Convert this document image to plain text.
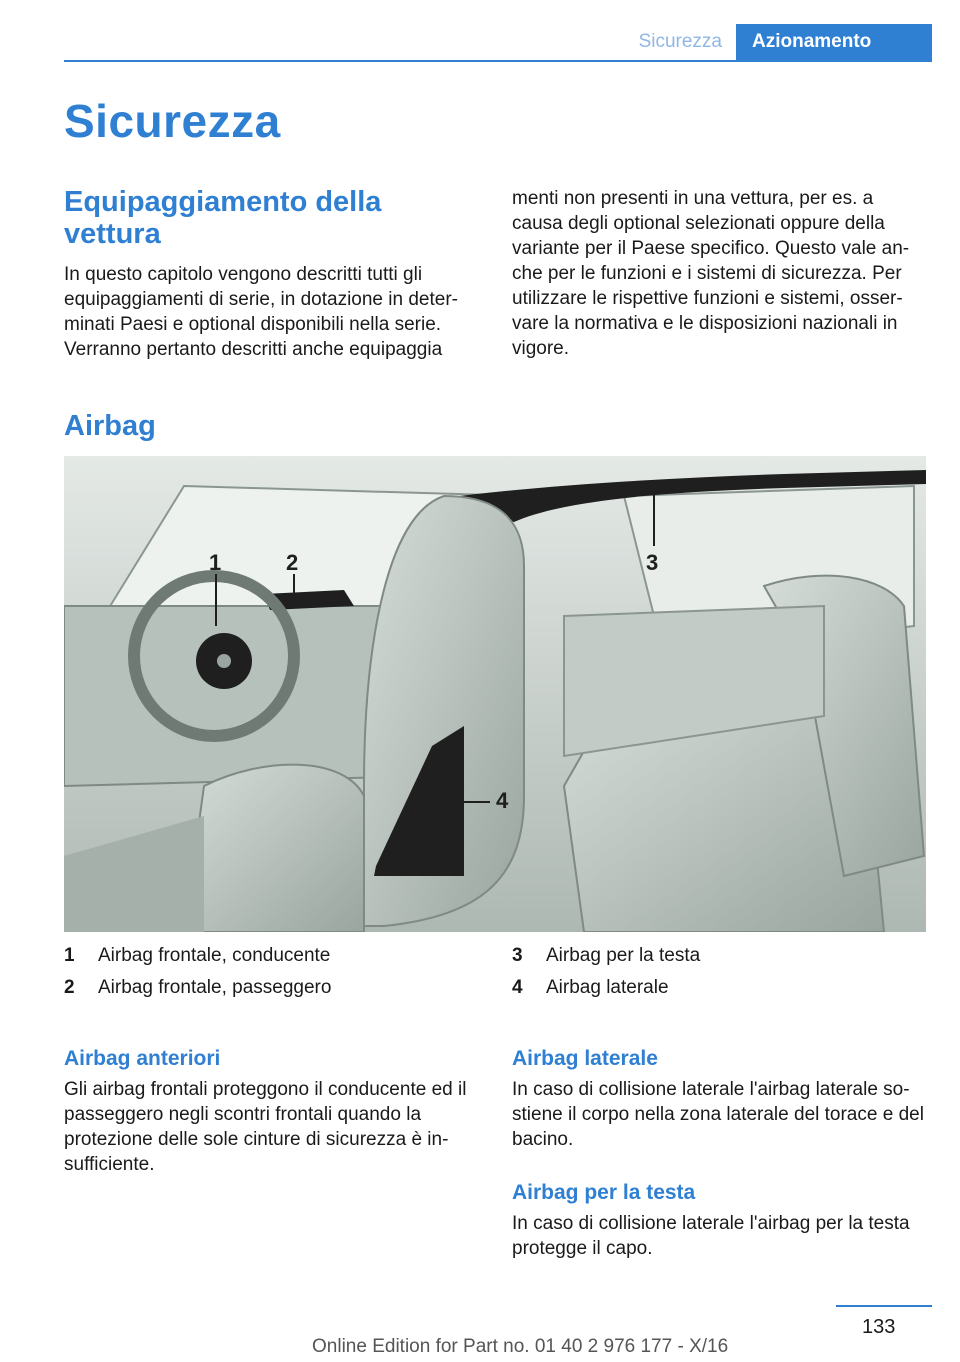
Sicurezza	Azionamento
Sicurezza
Equipaggiamento della vettura
In questo capitolo vengono descritti tutti gli equipaggiamenti di serie, in dotazione in determinati Paesi e optional disponibili nella serie. Verranno pertanto descritti anche equipaggia
menti non presenti in una vettura, per es. a causa degli optional selezionati oppure della variante per il Paese specifico. Questo vale anche per le funzioni e i sistemi di sicurezza. Per utilizzare le rispettive funzioni e sistemi, osservare la normativa e le disposizioni nazionali in vigore.
Airbag
1	2	3
4
1 Airbag frontale, conducente
2 Airbag frontale, passeggero
3 Airbag per la testa
4 Airbag laterale
Airbag anteriori
Gli airbag frontali proteggono il conducente ed il passeggero negli scontri frontali quando la protezione delle sole cinture di sicurezza è insufficiente.
Airbag laterale
In caso di collisione laterale l'airbag laterale sostiene il corpo nella zona laterale del torace e del bacino.
Airbag per la testa
In caso di collisione laterale l'airbag per la testa protegge il capo.
133
Online Edition for Part no. 01 40 2 976 177 - X/16
